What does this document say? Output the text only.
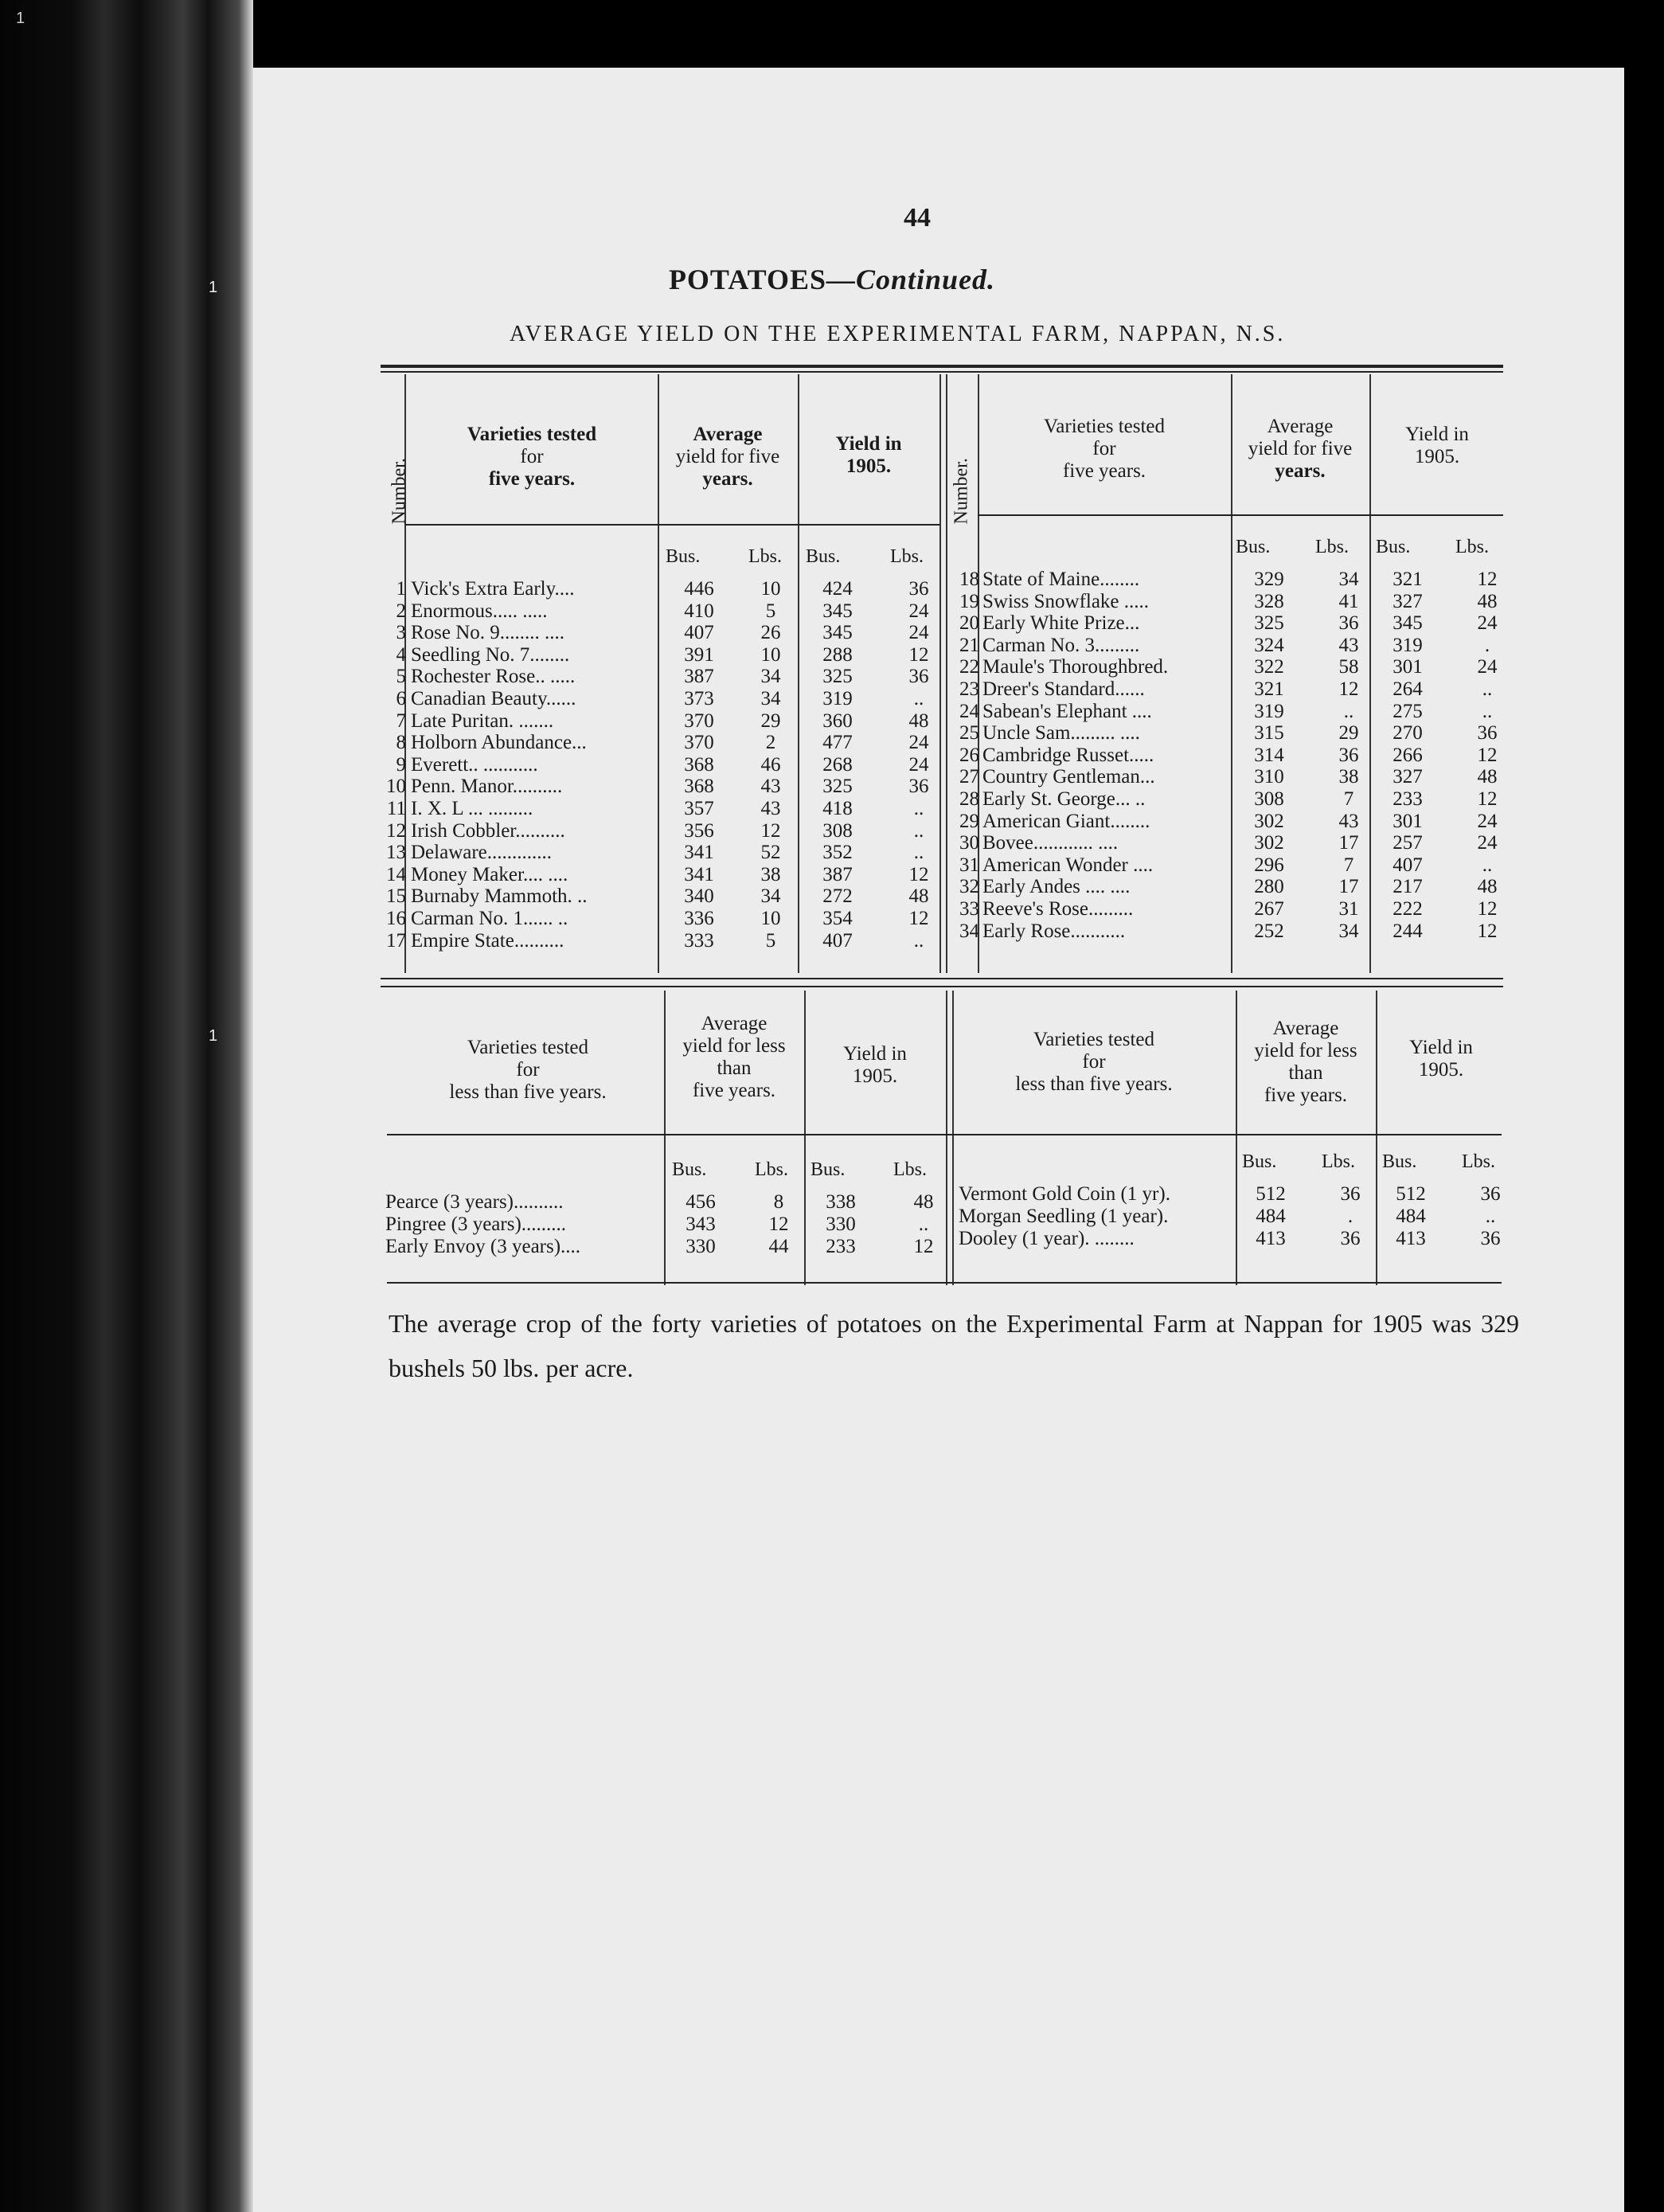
1
1
1
44
POTATOES—Continued.
AVERAGE YIELD ON THE EXPERIMENTAL FARM, NAPPAN, N.S.
Number.	Number.
Varieties tested
for
five years.
Average
yield for five
years.
Yield in
1905.
Varieties tested
for
five years.
Average
yield for five
years.
Yield in
1905.
Bus.	Lbs. Bus.	Lbs.	Bus. Lbs. Bus. Lbs.
1 Vick's Extra Early....	446	10	424	36
2 Enormous..... .....	410	5	345	24
3 Rose No. 9........ ....	407	26	345	24
4 Seedling No. 7........	391	10	288	12
5 Rochester Rose.. .....	387	34	325	36
6 Canadian Beauty......	373	34	319	..
7 Late Puritan. .......	370	29	360	48
8 Holborn Abundance...	370	2	477	24
9 Everett.. ...........	368	46	268	24
10 Penn. Manor..........	368	43	325	36
11 I. X. L ... .........	357	43	418	..
12 Irish Cobbler..........	356	12	308	..
13 Delaware.............	341	52	352	..
14 Money Maker.... ....	341	38	387	12
15 Burnaby Mammoth. ..	340	34	272	48
16 Carman No. 1...... ..	336	10	354	12
17 Empire State..........	333	5	407	..
18 State of Maine........	329	34	321	12
19 Swiss Snowflake .....	328	41	327	48
20 Early White Prize...	325	36	345	24
21 Carman No. 3.........	324	43	319	.
22 Maule's Thoroughbred.	322	58	301	24
23 Dreer's Standard......	321	12	264	..
24 Sabean's Elephant ....	319	..	275	..
25 Uncle Sam......... ....	315	29	270	36
26 Cambridge Russet.....	314	36	266	12
27 Country Gentleman...	310	38	327	48
28 Early St. George... ..	308	7	233	12
29 American Giant........	302	43	301	24
30 Bovee............ ....	302	17	257	24
31 American Wonder ....	296	7	407	..
32 Early Andes .... ....	280	17	217	48
33 Reeve's Rose.........	267	31	222	12
34 Early Rose...........	252	34	244	12
Varieties tested
for
less than five years.
Average
yield for less
than
five years.
Yield in
1905.
Varieties tested
for
less than five years.
Average
yield for less
than
five years.
Yield in
1905.
Bus.	Lbs. Bus.	Lbs.	Bus. Lbs. Bus. Lbs.
Pearce (3 years)..........	456	8	338	48
Pingree (3 years).........	343	12	330	..
Early Envoy (3 years)....	330	44	233	12
Vermont Gold Coin (1 yr).	512	36	512	36
Morgan Seedling (1 year).	484	.	484	..
Dooley (1 year). ........	413	36	413	36
The average crop of the forty varieties of potatoes on the Experimental Farm at Nappan for 1905 was 329 bushels 50 lbs. per acre.
